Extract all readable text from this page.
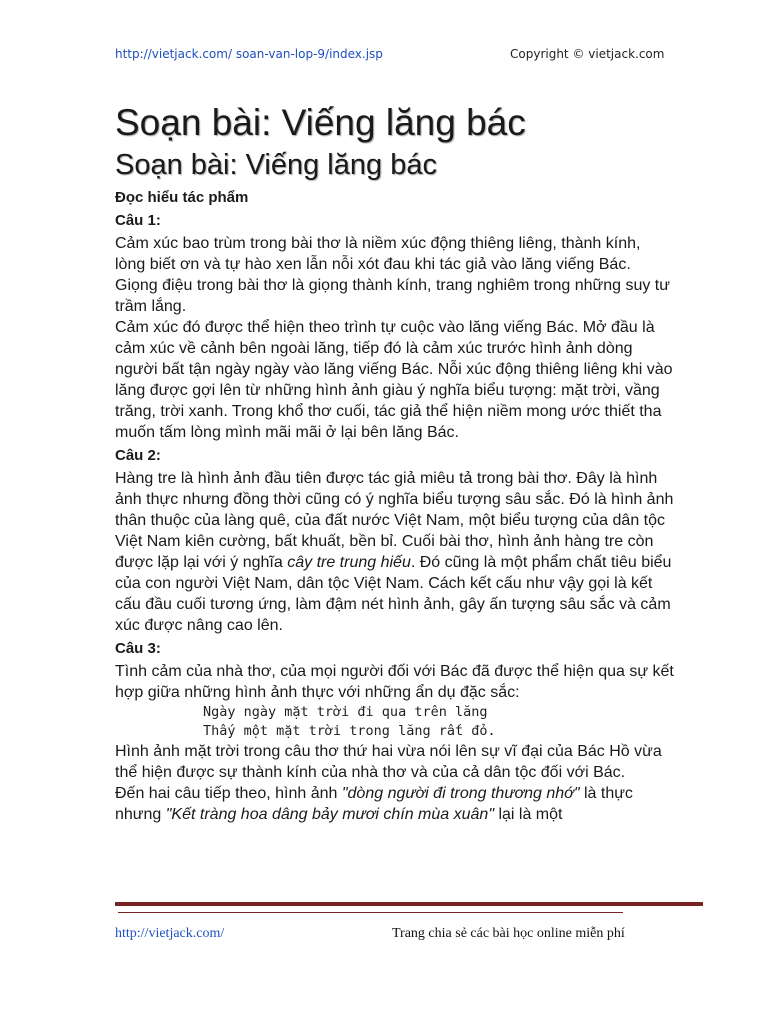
http://vietjack.com/ soan-van-lop-9/index.jsp	Copyright © vietjack.com
Soạn bài: Viếng lăng bác
Soạn bài: Viếng lăng bác
Đọc hiểu tác phẩm
Câu 1:

Cảm xúc bao trùm trong bài thơ là niềm xúc động thiêng liêng, thành kính, lòng biết ơn và tự hào xen lẫn nỗi xót đau khi tác giả vào lăng viếng Bác. Giọng điệu trong bài thơ là giọng thành kính, trang nghiêm trong những suy tư trầm lắng.

Cảm xúc đó được thể hiện theo trình tự cuộc vào lăng viếng Bác. Mở đầu là cảm xúc về cảnh bên ngoài lăng, tiếp đó là cảm xúc trước hình ảnh dòng người bất tận ngày ngày vào lăng viếng Bác. Nỗi xúc động thiêng liêng khi vào lăng được gợi lên từ những hình ảnh giàu ý nghĩa biểu tượng: mặt trời, vầng trăng, trời xanh. Trong khổ thơ cuối, tác giả thể hiện niềm mong ước thiết tha muốn tấm lòng mình mãi mãi ở lại bên lăng Bác.

Câu 2:

Hàng tre là hình ảnh đầu tiên được tác giả miêu tả trong bài thơ. Đây là hình ảnh thực nhưng đồng thời cũng có ý nghĩa biểu tượng sâu sắc. Đó là hình ảnh thân thuộc của làng quê, của đất nước Việt Nam, một biểu tượng của dân tộc Việt Nam kiên cường, bất khuất, bền bỉ. Cuối bài thơ, hình ảnh hàng tre còn được lặp lại với ý nghĩa cây tre trung hiếu. Đó cũng là một phẩm chất tiêu biểu của con người Việt Nam, dân tộc Việt Nam. Cách kết cấu như vậy gọi là kết cấu đầu cuối tương ứng, làm đậm nét hình ảnh, gây ấn tượng sâu sắc và cảm xúc được nâng cao lên.

Câu 3:

Tình cảm của nhà thơ, của mọi người đối với Bác đã được thể hiện qua sự kết hợp giữa những hình ảnh thực với những ẩn dụ đặc sắc:

Ngày ngày mặt trời đi qua trên lăng
Thấy một mặt trời trong lăng rất đỏ.

Hình ảnh mặt trời trong câu thơ thứ hai vừa nói lên sự vĩ đại của Bác Hồ vừa thể hiện được sự thành kính của nhà thơ và của cả dân tộc đối với Bác.

Đến hai câu tiếp theo, hình ảnh "dòng người đi trong thương nhớ" là thực nhưng "Kết tràng hoa dâng bảy mươi chín mùa xuân" lại là một

http://vietjack.com/	Trang chia sẻ các bài học online miễn phí
